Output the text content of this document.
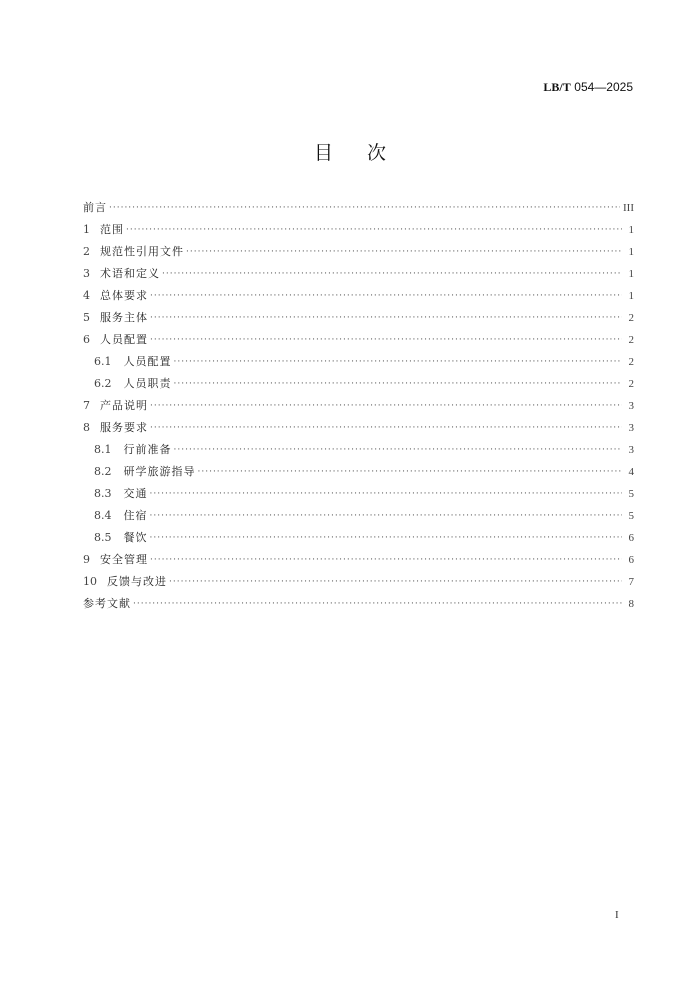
LB/T 054—2025
目 次
前言 ·····	III
1 范围 ·····	1
2 规范性引用文件 ·····	1
3 术语和定义 ·····	1
4 总体要求 ·····	1
5 服务主体 ·····	2
6 人员配置 ·····	2
6.1 人员配置 ·····	2
6.2 人员职责 ·····	2
7 产品说明 ·····	3
8 服务要求 ·····	3
8.1 行前准备 ·····	3
8.2 研学旅游指导 ·····	4
8.3 交通 ·····	5
8.4 住宿 ·····	5
8.5 餐饮 ·····	6
9 安全管理 ·····	6
10 反馈与改进 ·····	7
参考文献 ·····	8
I
